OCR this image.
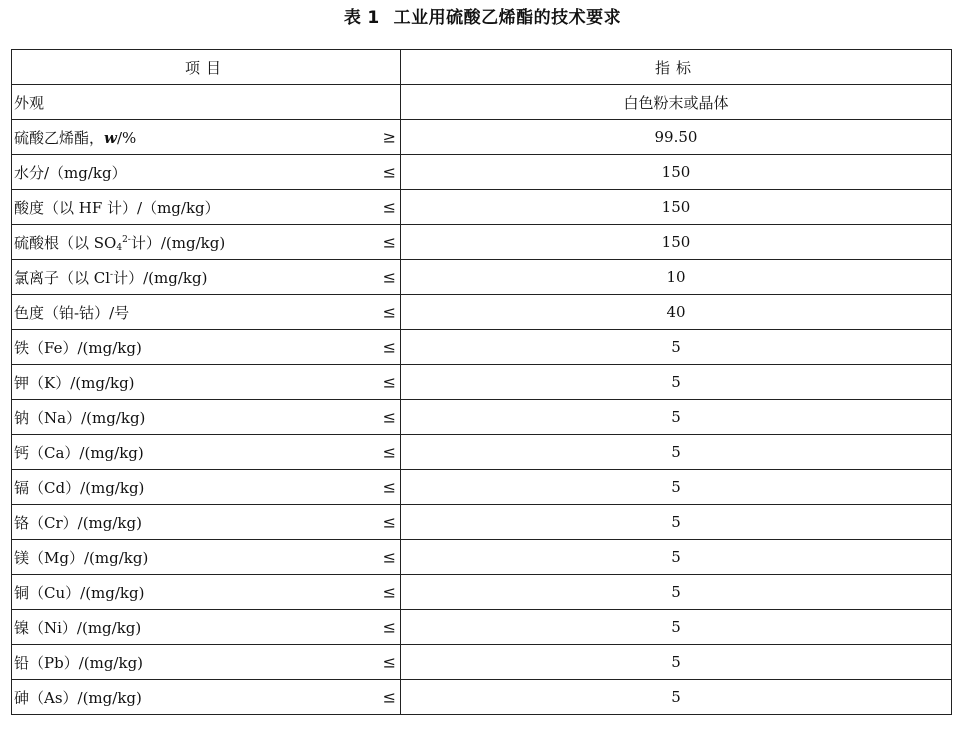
表 1 工业用硫酸乙烯酯的技术要求
项目	指标
外观	白色粉末或晶体
硫酸乙烯酯，w/% ≥	99.50
水分/（mg/kg） ≤	150
酸度（以 HF 计）/（mg/kg） ≤	150
硫酸根（以 $SO_4^{2-}$计）/(mg/kg) ≤	150
氯离子（以 Cl-计）/(mg/kg) ≤	10
色度（铂-钴）/号 ≤	40
铁（Fe）/(mg/kg) ≤	5
钾（K）/(mg/kg) ≤	5
钠（Na）/(mg/kg) ≤	5
钙（Ca）/(mg/kg) ≤	5
镉（Cd）/(mg/kg) ≤	5
铬（Cr）/(mg/kg) ≤	5
镁（Mg）/(mg/kg) ≤	5
铜（Cu）/(mg/kg) ≤	5
镍（Ni）/(mg/kg) ≤	5
铅（Pb）/(mg/kg) ≤	5
砷（As）/(mg/kg) ≤	5
